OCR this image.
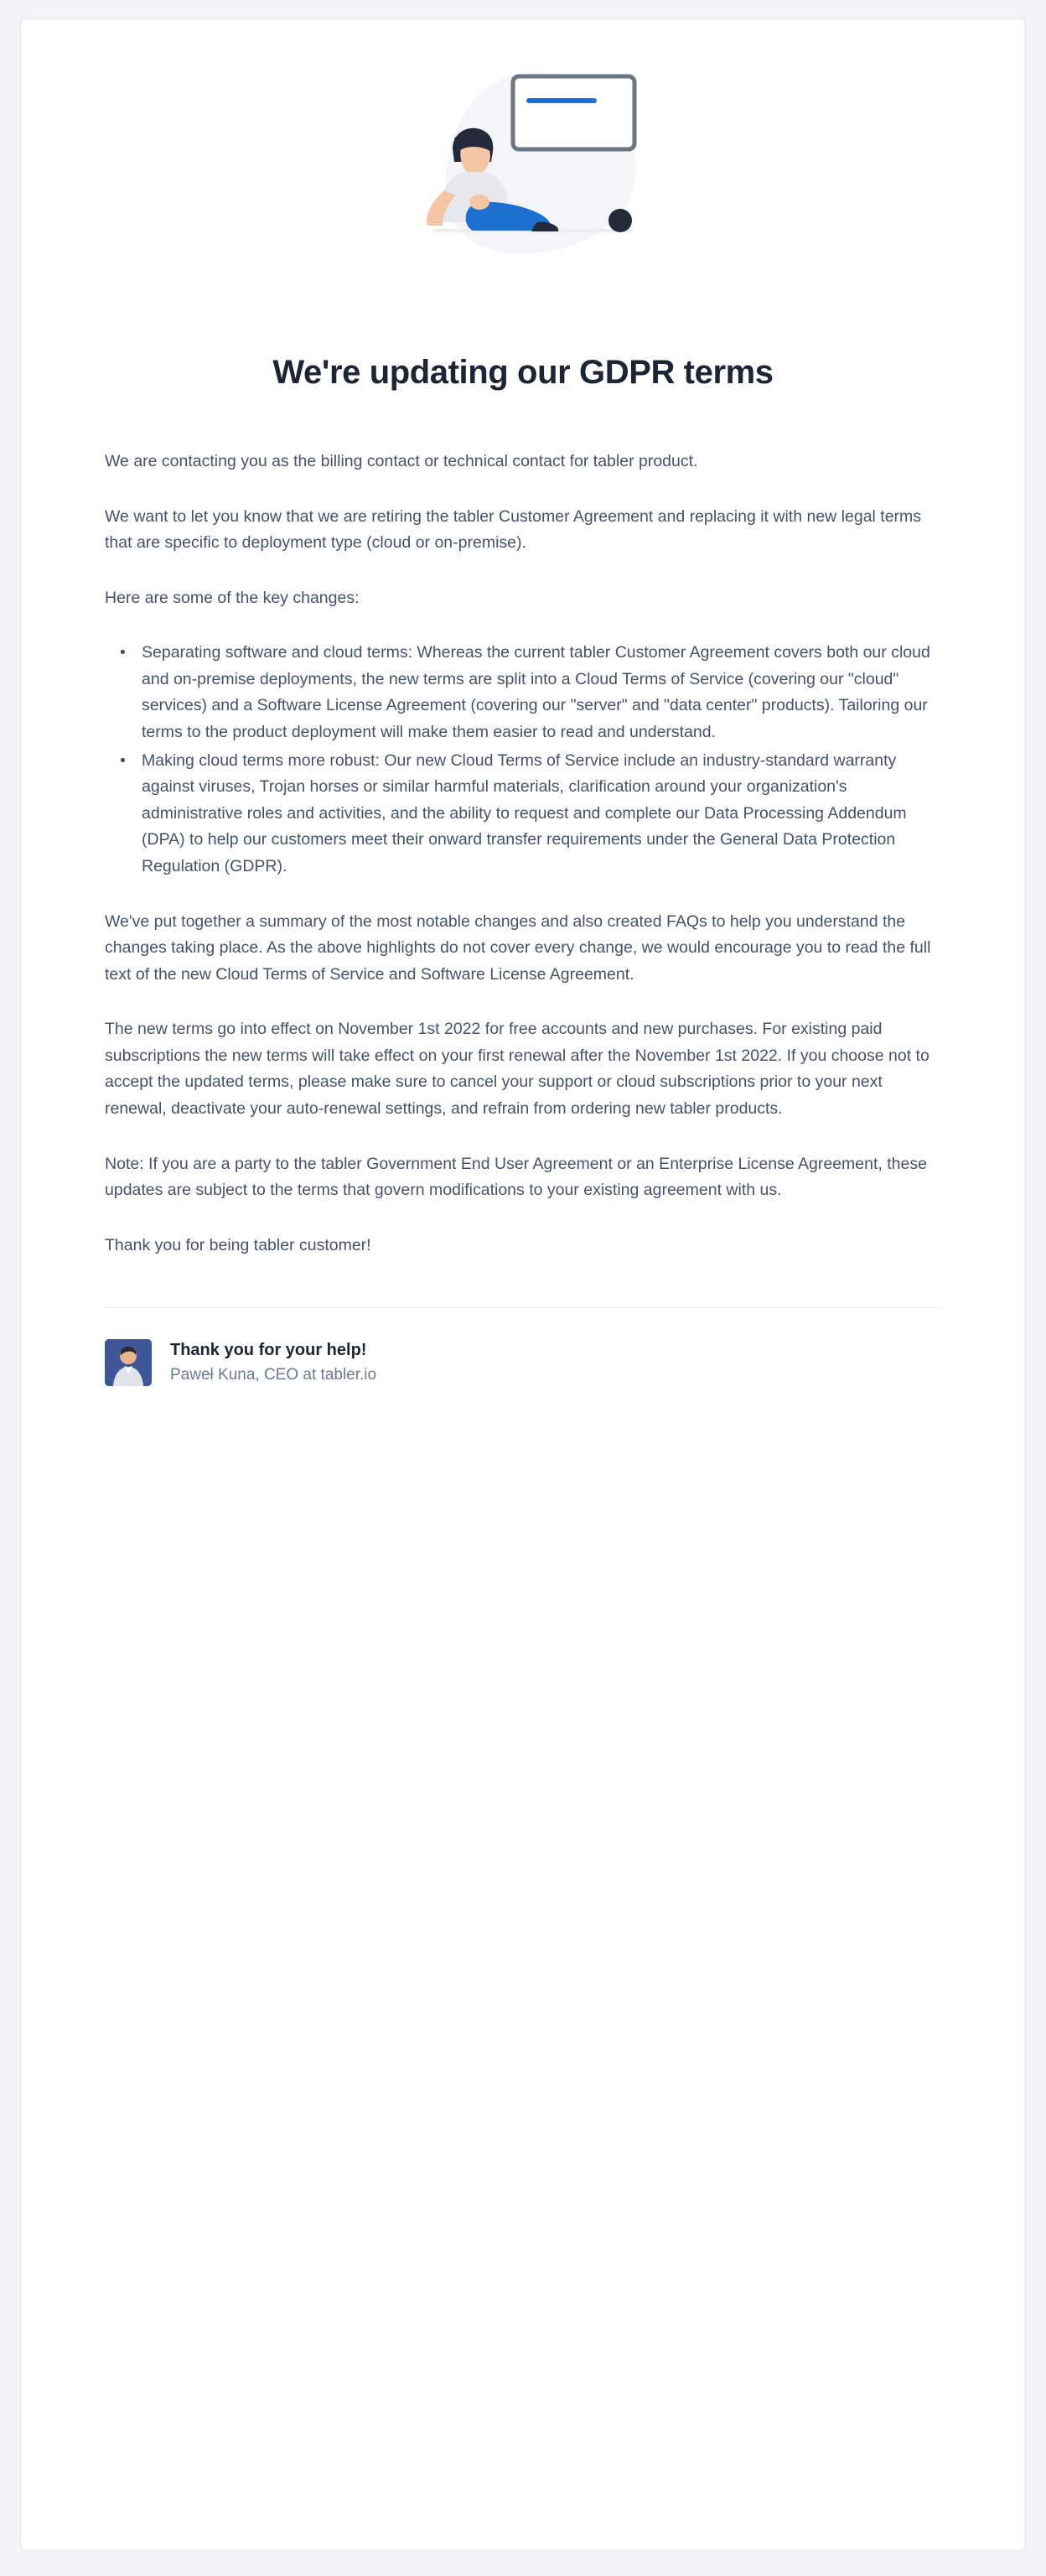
We're updating our GDPR terms

We are contacting you as the billing contact or technical contact for tabler product.

We want to let you know that we are retiring the tabler Customer Agreement and replacing it with new legal terms that are specific to deployment type (cloud or on-premise).

Here are some of the key changes:

• Separating software and cloud terms: Whereas the current tabler Customer Agreement covers both our cloud and on-premise deployments, the new terms are split into a Cloud Terms of Service (covering our "cloud" services) and a Software License Agreement (covering our "server" and "data center" products). Tailoring our terms to the product deployment will make them easier to read and understand.
• Making cloud terms more robust: Our new Cloud Terms of Service include an industry-standard warranty against viruses, Trojan horses or similar harmful materials, clarification around your organization's administrative roles and activities, and the ability to request and complete our Data Processing Addendum (DPA) to help our customers meet their onward transfer requirements under the General Data Protection Regulation (GDPR).

We've put together a summary of the most notable changes and also created FAQs to help you understand the changes taking place. As the above highlights do not cover every change, we would encourage you to read the full text of the new Cloud Terms of Service and Software License Agreement.

The new terms go into effect on November 1st 2022 for free accounts and new purchases. For existing paid subscriptions the new terms will take effect on your first renewal after the November 1st 2022. If you choose not to accept the updated terms, please make sure to cancel your support or cloud subscriptions prior to your next renewal, deactivate your auto-renewal settings, and refrain from ordering new tabler products.

Note: If you are a party to the tabler Government End User Agreement or an Enterprise License Agreement, these updates are subject to the terms that govern modifications to your existing agreement with us.

Thank you for being tabler customer!

Thank you for your help!
Paweł Kuna, CEO at tabler.io
